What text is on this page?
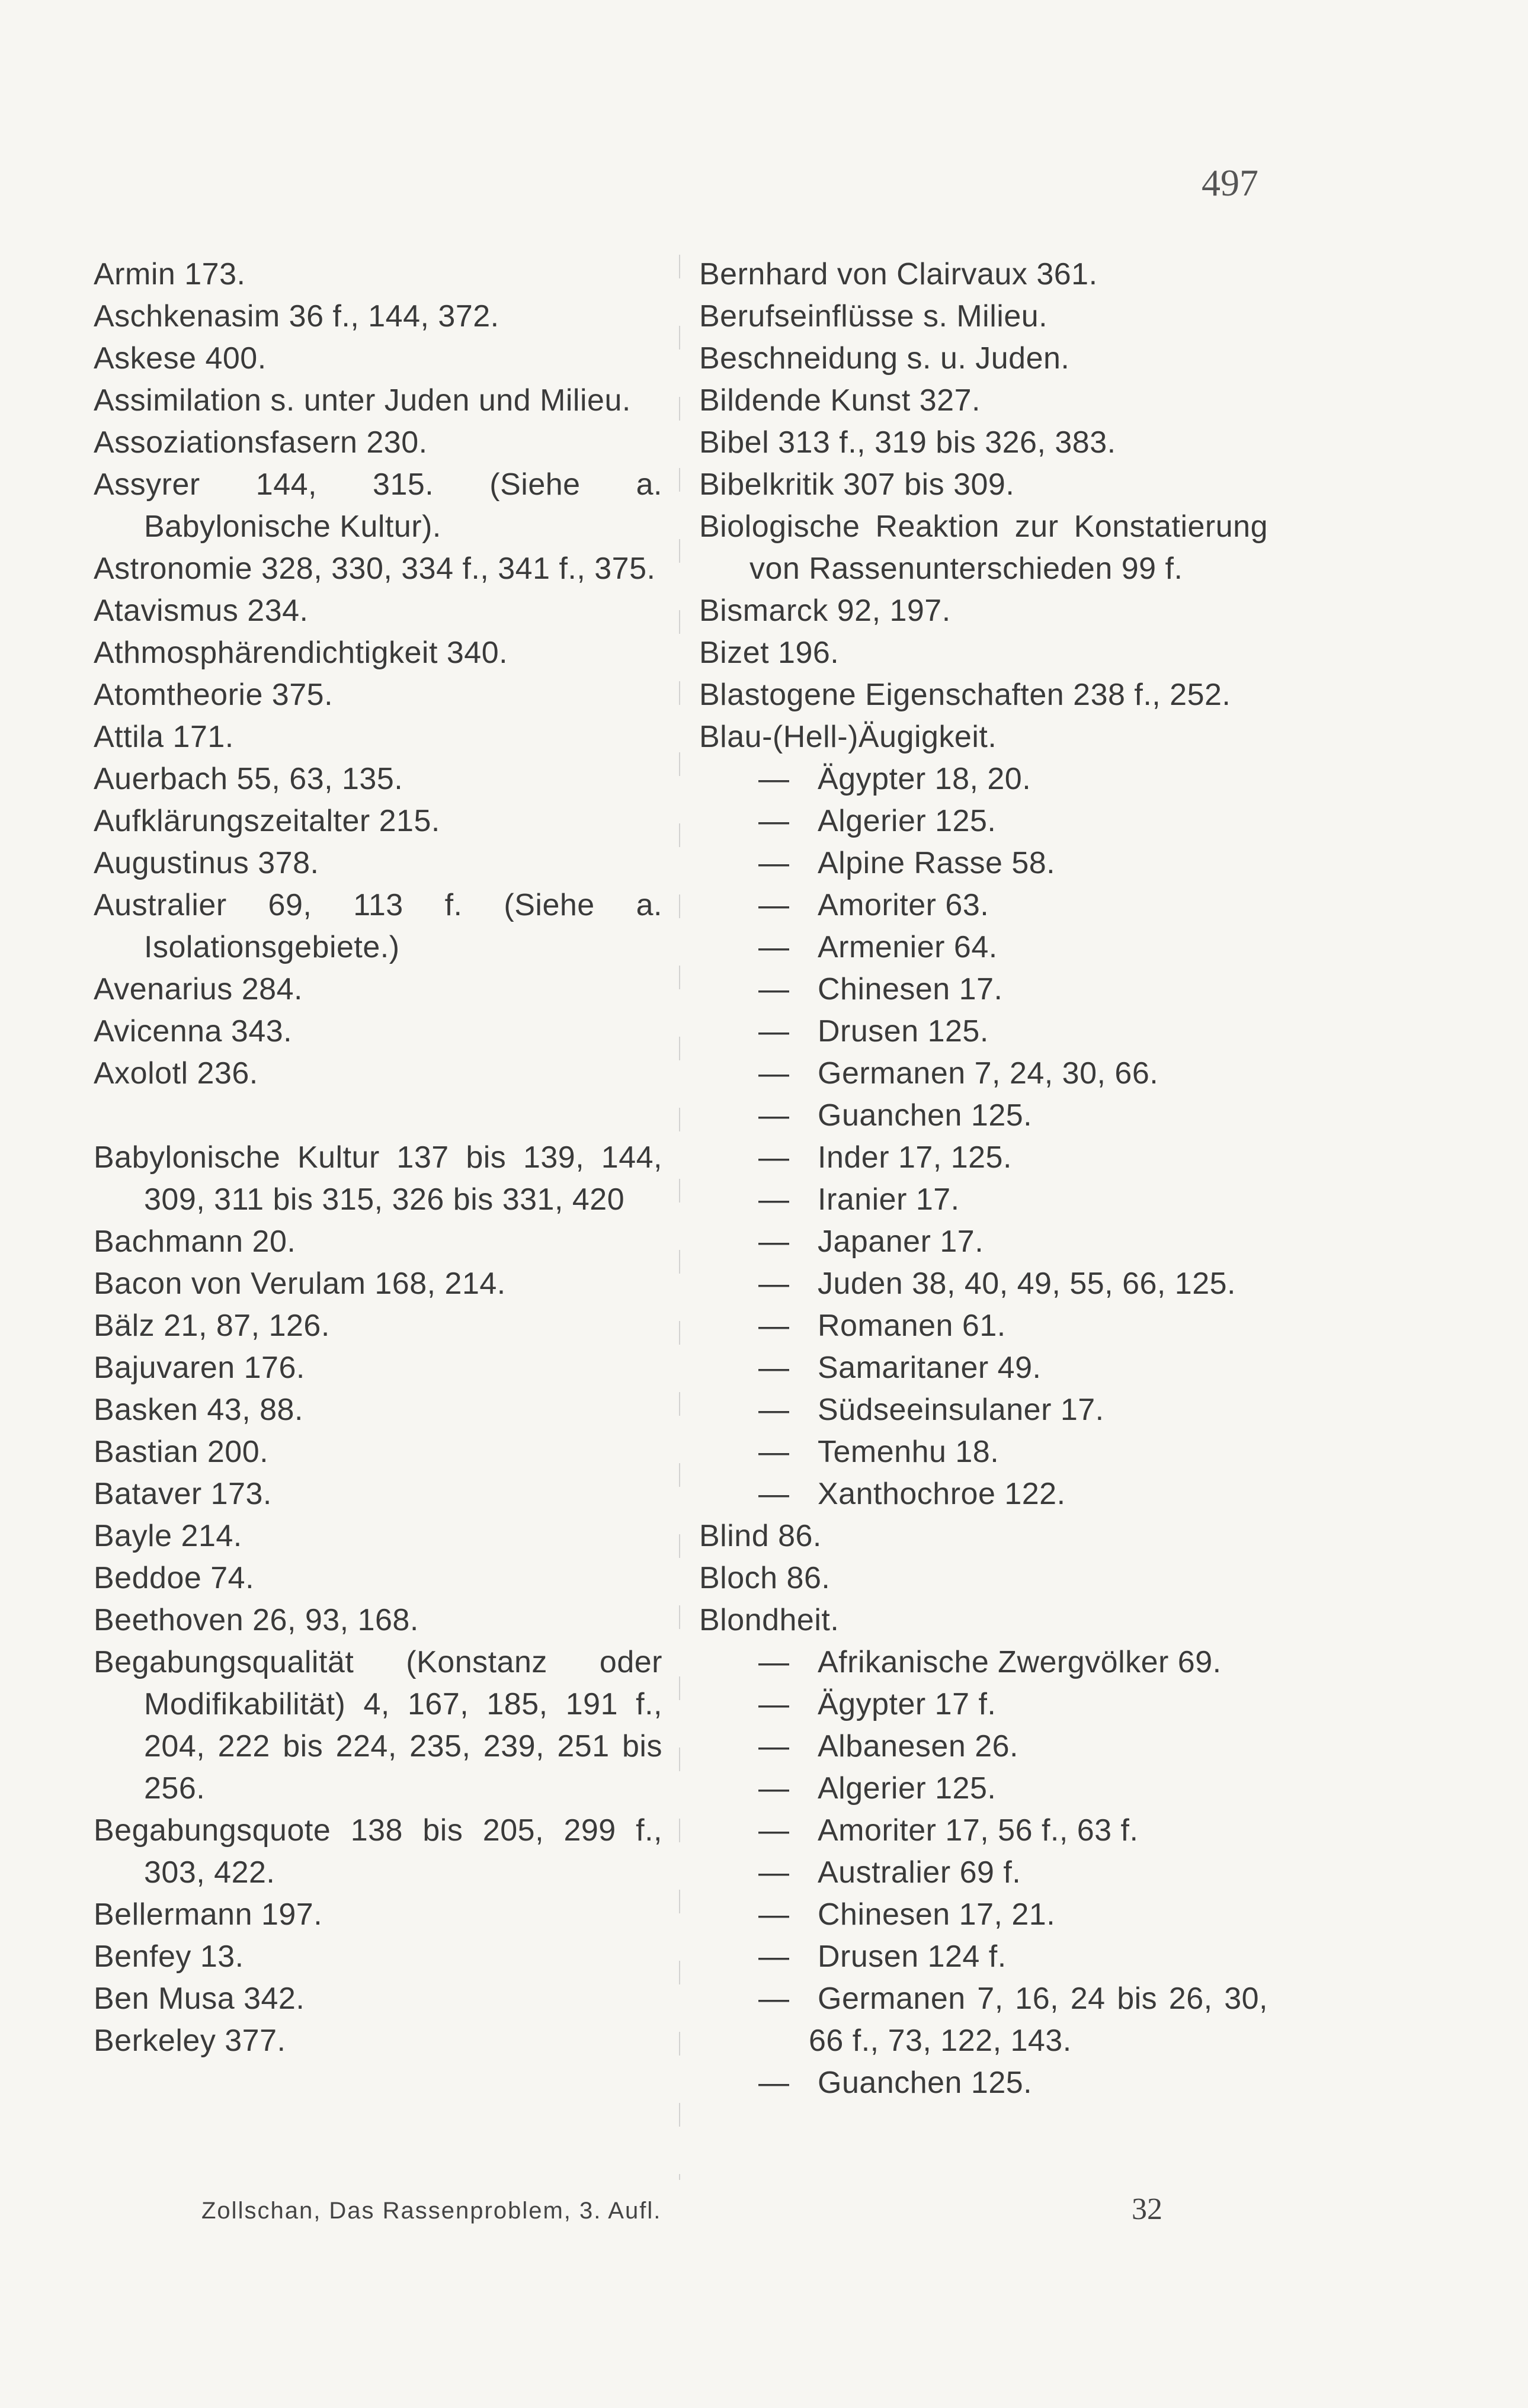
497
Armin 173.
Aschkenasim 36 f., 144, 372.
Askese 400.
Assimilation s. unter Juden und Milieu.
Assoziationsfasern 230.
Assyrer 144, 315. (Siehe a. Babylonische Kultur).
Astronomie 328, 330, 334 f., 341 f., 375.
Atavismus 234.
Athmosphärendichtigkeit 340.
Atomtheorie 375.
Attila 171.
Auerbach 55, 63, 135.
Aufklärungszeitalter 215.
Augustinus 378.
Australier 69, 113 f. (Siehe a. Isolationsgebiete.)
Avenarius 284.
Avicenna 343.
Axolotl 236.
Babylonische Kultur 137 bis 139, 144, 309, 311 bis 315, 326 bis 331, 420
Bachmann 20.
Bacon von Verulam 168, 214.
Bälz 21, 87, 126.
Bajuvaren 176.
Basken 43, 88.
Bastian 200.
Bataver 173.
Bayle 214.
Beddoe 74.
Beethoven 26, 93, 168.
Begabungsqualität (Konstanz oder Modifikabilität) 4, 167, 185, 191 f., 204, 222 bis 224, 235, 239, 251 bis 256.
Begabungsquote 138 bis 205, 299 f., 303, 422.
Bellermann 197.
Benfey 13.
Ben Musa 342.
Berkeley 377.
Bernhard von Clairvaux 361.
Berufseinflüsse s. Milieu.
Beschneidung s. u. Juden.
Bildende Kunst 327.
Bibel 313 f., 319 bis 326, 383.
Bibelkritik 307 bis 309.
Biologische Reaktion zur Konstatierung von Rassenunterschieden 99 f.
Bismarck 92, 197.
Bizet 196.
Blastogene Eigenschaften 238 f., 252.
Blau-(Hell-)Äugigkeit.
— Ägypter 18, 20.
— Algerier 125.
— Alpine Rasse 58.
— Amoriter 63.
— Armenier 64.
— Chinesen 17.
— Drusen 125.
— Germanen 7, 24, 30, 66.
— Guanchen 125.
— Inder 17, 125.
— Iranier 17.
— Japaner 17.
— Juden 38, 40, 49, 55, 66, 125.
— Romanen 61.
— Samaritaner 49.
— Südseeinsulaner 17.
— Temenhu 18.
— Xanthochroe 122.
Blind 86.
Bloch 86.
Blondheit.
— Afrikanische Zwergvölker 69.
— Ägypter 17 f.
— Albanesen 26.
— Algerier 125.
— Amoriter 17, 56 f., 63 f.
— Australier 69 f.
— Chinesen 17, 21.
— Drusen 124 f.
— Germanen 7, 16, 24 bis 26, 30, 66 f., 73, 122, 143.
— Guanchen 125.
Zollschan, Das Rassenproblem, 3. Aufl.	32
